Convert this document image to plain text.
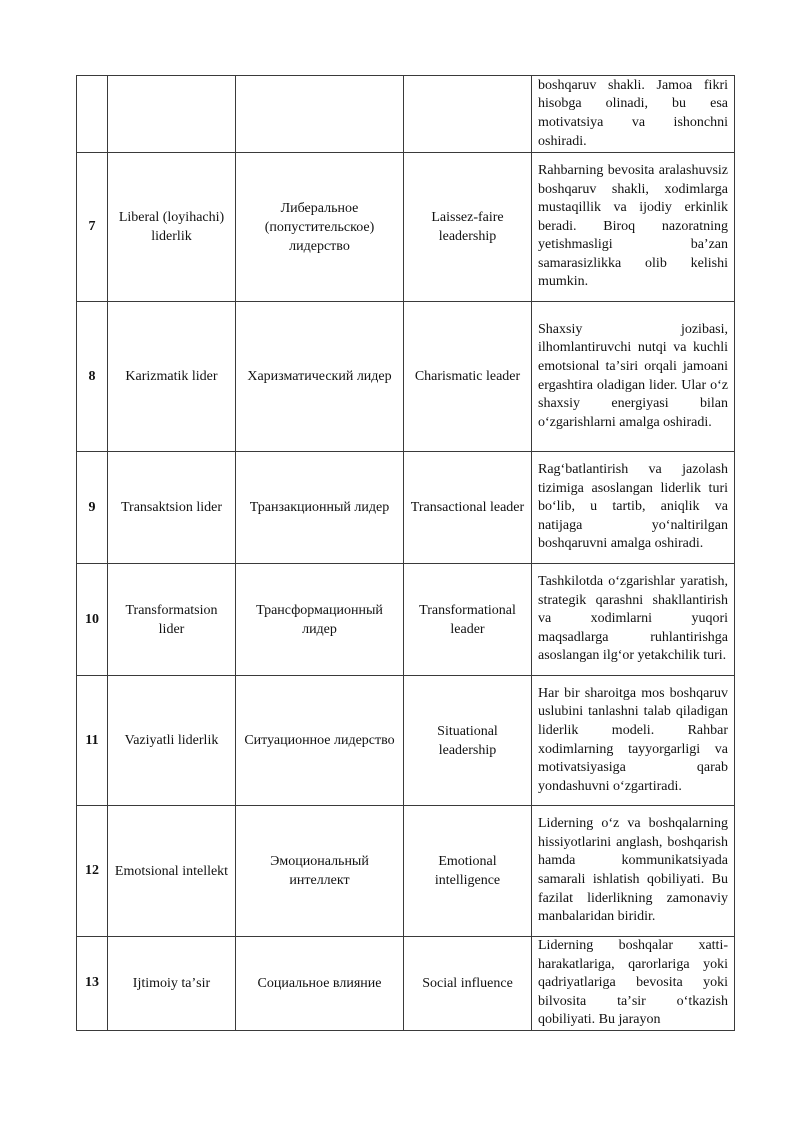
				boshqaruv shakli. Jamoa fikri hisobga olinadi, bu esa motivatsiya va ishonchni oshiradi.

7	Liberal (loyihachi) liderlik	Либеральное (попустительское) лидерство	Laissez-faire leadership	Rahbarning bevosita aralashuvsiz boshqaruv shakli, xodimlarga mustaqillik va ijodiy erkinlik beradi. Biroq nazoratning yetishmasligi baʼzan samarasizlikka olib kelishi mumkin.

8	Karizmatik lider	Харизматический лидер	Charismatic leader	Shaxsiy jozibasi, ilhomlantiruvchi nutqi va kuchli emotsional taʼsiri orqali jamoani ergashtira oladigan lider. Ular oʻz shaxsiy energiyasi bilan oʻzgarishlarni amalga oshiradi.

9	Transaktsion lider	Транзакционный лидер	Transactional leader	Ragʻbatlantirish va jazolash tizimiga asoslangan liderlik turi boʻlib, u tartib, aniqlik va natijaga yoʻnaltirilgan boshqaruvni amalga oshiradi.

10	Transformatsion lider	Трансформационный лидер	Transformational leader	Tashkilotda oʻzgarishlar yaratish, strategik qarashni shakllantirish va xodimlarni yuqori maqsadlarga ruhlantirishga asoslangan ilgʻor yetakchilik turi.

11	Vaziyatli liderlik	Ситуационное лидерство	Situational leadership	Har bir sharoitga mos boshqaruv uslubini tanlashni talab qiladigan liderlik modeli. Rahbar xodimlarning tayyorgarligi va motivatsiyasiga qarab yondashuvni oʻzgartiradi.

12	Emotsional intellekt	Эмоциональный интеллект	Emotional intelligence	Liderning oʻz va boshqalarning hissiyotlarini anglash, boshqarish hamda kommunikatsiyada samarali ishlatish qobiliyati. Bu fazilat liderlikning zamonaviy manbalaridan biridir.

13	Ijtimoiy taʼsir	Социальное влияние	Social influence	Liderning boshqalar xatti-harakatlariga, qarorlariga yoki qadriyatlariga bevosita yoki bilvosita taʼsir oʻtkazish qobiliyati. Bu jarayon
